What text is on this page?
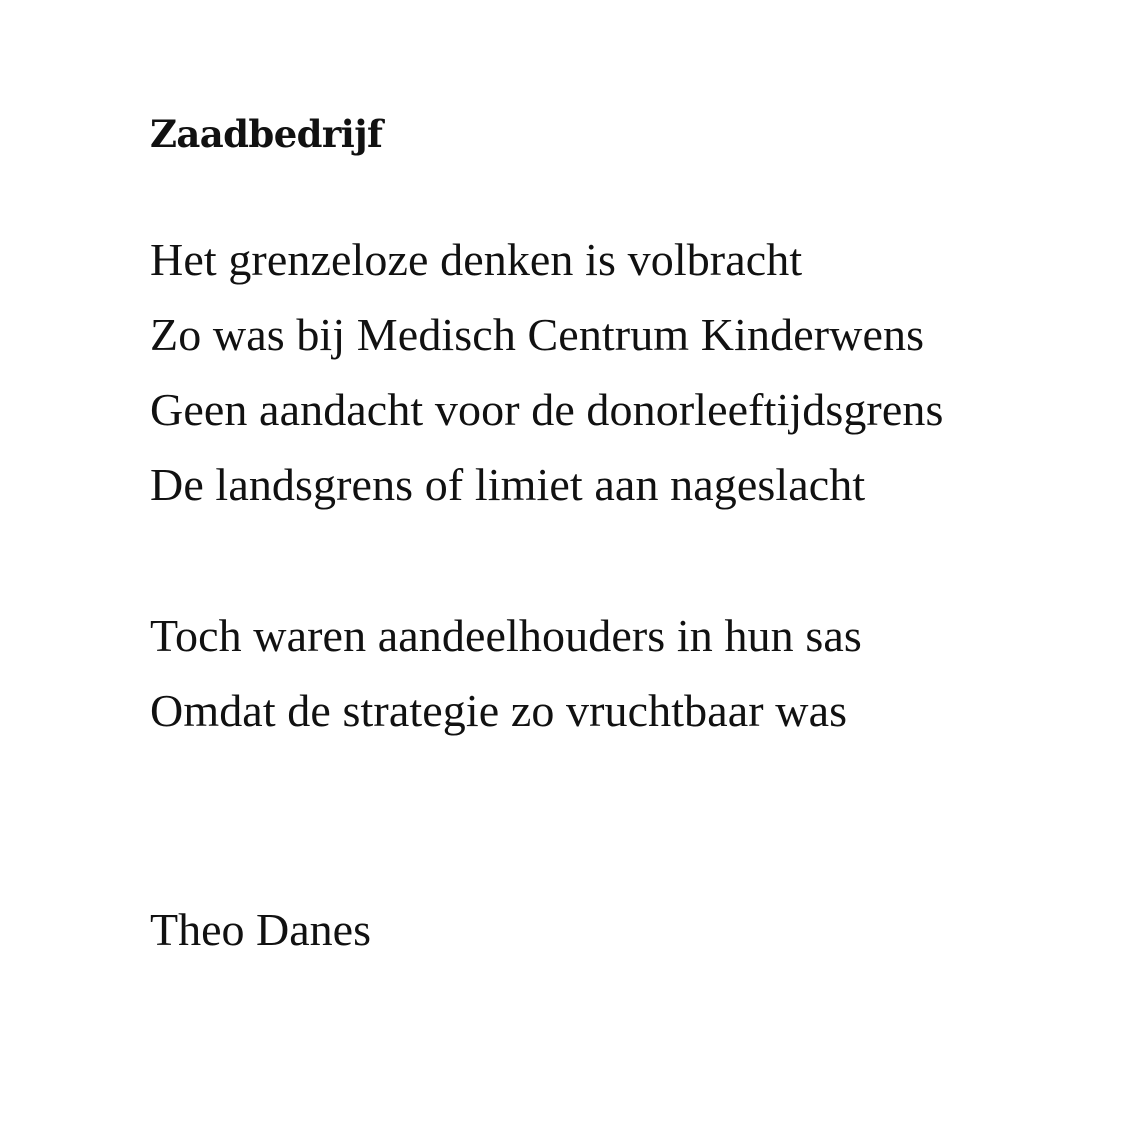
Zaadbedrijf
Het grenzeloze denken is volbracht
Zo was bij Medisch Centrum Kinderwens
Geen aandacht voor de donorleeftijdsgrens
De landsgrens of limiet aan nageslacht
Toch waren aandeelhouders in hun sas
Omdat de strategie zo vruchtbaar was

Theo Danes
